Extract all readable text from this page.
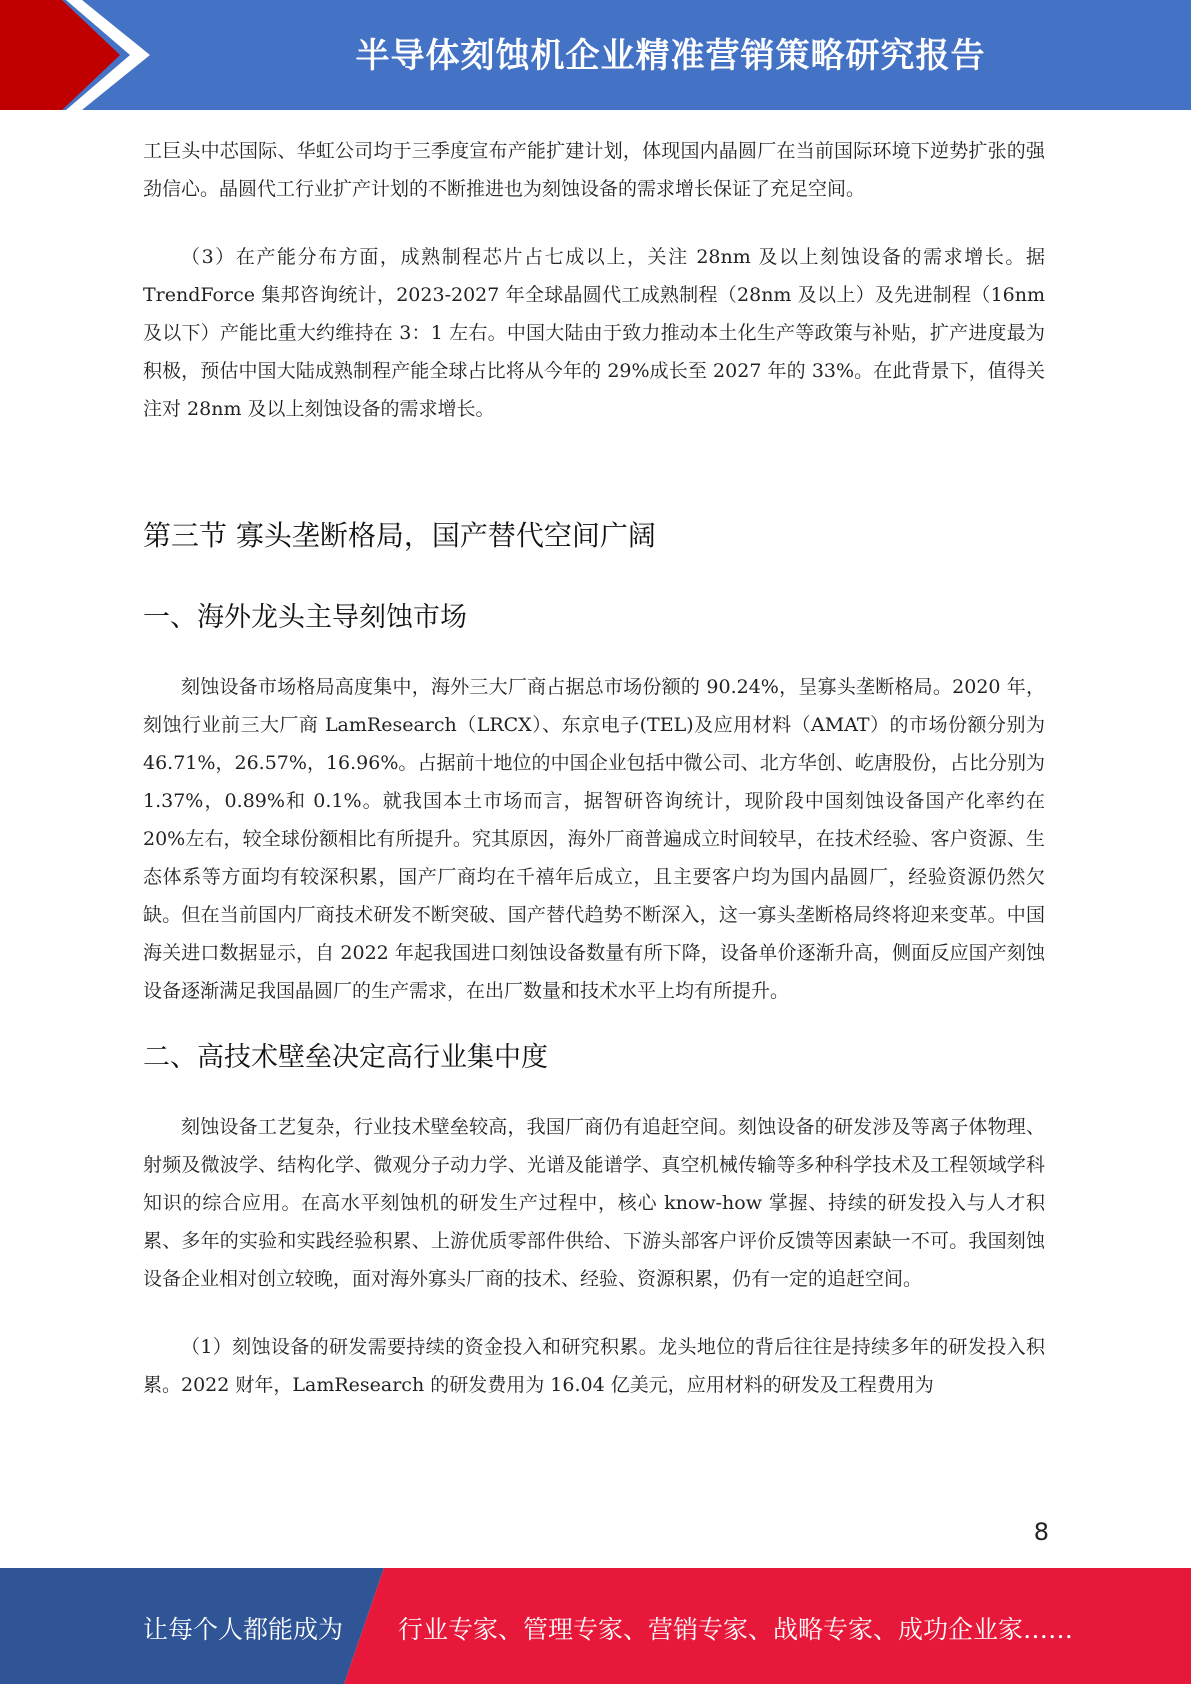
半导体刻蚀机企业精准营销策略研究报告

工巨头中芯国际、华虹公司均于三季度宣布产能扩建计划，体现国内晶圆厂在当前国际环境下逆势扩张的强劲信心。晶圆代工行业扩产计划的不断推进也为刻蚀设备的需求增长保证了充足空间。

（3）在产能分布方面，成熟制程芯片占七成以上，关注 28nm 及以上刻蚀设备的需求增长。据 TrendForce 集邦咨询统计，2023-2027 年全球晶圆代工成熟制程（28nm 及以上）及先进制程（16nm 及以下）产能比重大约维持在 3：1 左右。中国大陆由于致力推动本土化生产等政策与补贴，扩产进度最为积极，预估中国大陆成熟制程产能全球占比将从今年的 29%成长至 2027 年的 33%。在此背景下，值得关注对 28nm 及以上刻蚀设备的需求增长。

第三节 寡头垄断格局，国产替代空间广阔
一、海外龙头主导刻蚀市场

刻蚀设备市场格局高度集中，海外三大厂商占据总市场份额的 90.24%，呈寡头垄断格局。2020 年，刻蚀行业前三大厂商 LamResearch（LRCX）、东京电子(TEL)及应用材料（AMAT）的市场份额分别为 46.71%，26.57%，16.96%。占据前十地位的中国企业包括中微公司、北方华创、屹唐股份，占比分别为 1.37%，0.89%和 0.1%。就我国本土市场而言，据智研咨询统计，现阶段中国刻蚀设备国产化率约在 20%左右，较全球份额相比有所提升。究其原因，海外厂商普遍成立时间较早，在技术经验、客户资源、生态体系等方面均有较深积累，国产厂商均在千禧年后成立，且主要客户均为国内晶圆厂，经验资源仍然欠缺。但在当前国内厂商技术研发不断突破、国产替代趋势不断深入，这一寡头垄断格局终将迎来变革。中国海关进口数据显示，自 2022 年起我国进口刻蚀设备数量有所下降，设备单价逐渐升高，侧面反应国产刻蚀设备逐渐满足我国晶圆厂的生产需求，在出厂数量和技术水平上均有所提升。

二、高技术壁垒决定高行业集中度

刻蚀设备工艺复杂，行业技术壁垒较高，我国厂商仍有追赶空间。刻蚀设备的研发涉及等离子体物理、射频及微波学、结构化学、微观分子动力学、光谱及能谱学、真空机械传输等多种科学技术及工程领域学科知识的综合应用。在高水平刻蚀机的研发生产过程中，核心 know-how 掌握、持续的研发投入与人才积累、多年的实验和实践经验积累、上游优质零部件供给、下游头部客户评价反馈等因素缺一不可。我国刻蚀设备企业相对创立较晚，面对海外寡头厂商的技术、经验、资源积累，仍有一定的追赶空间。

（1）刻蚀设备的研发需要持续的资金投入和研究积累。龙头地位的背后往往是持续多年的研发投入积累。2022 财年，LamResearch 的研发费用为 16.04 亿美元，应用材料的研发及工程费用为

8
让每个人都能成为 行业专家、管理专家、营销专家、战略专家、成功企业家……
